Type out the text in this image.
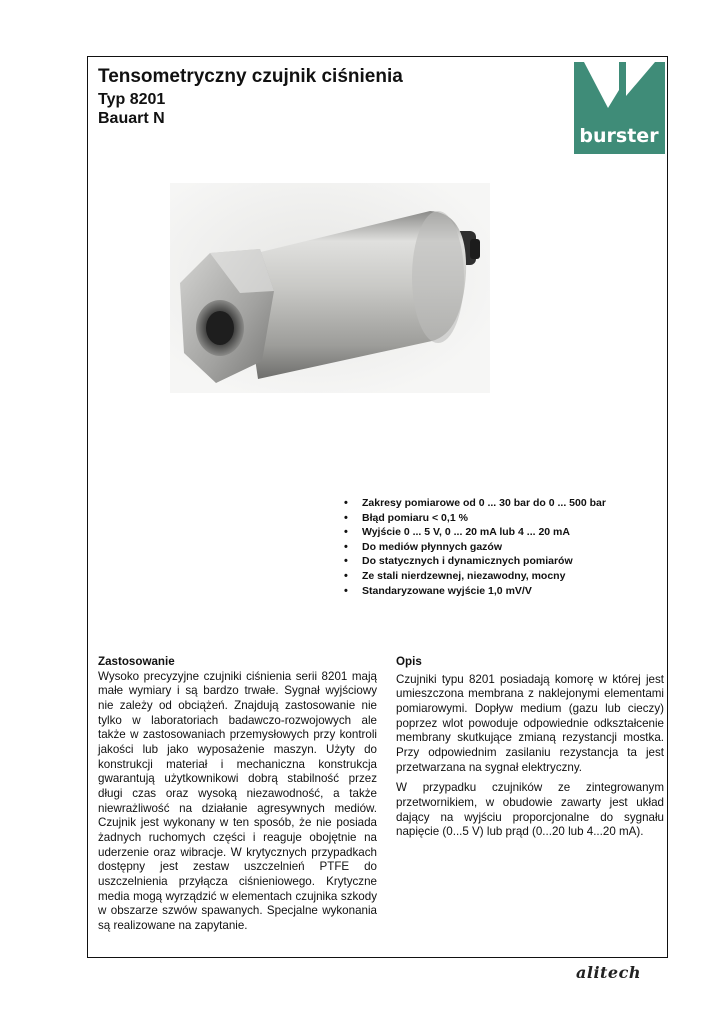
Tensometryczny czujnik ciśnienia
Typ 8201
Bauart N
burster
• Zakresy pomiarowe od 0 ... 30 bar do 0 ... 500 bar
• Błąd pomiaru < 0,1 %
• Wyjście 0 ... 5 V, 0 ... 20 mA lub 4 ... 20 mA
• Do mediów płynnych gazów
• Do statycznych i dynamicznych pomiarów
• Ze stali nierdzewnej, niezawodny, mocny
• Standaryzowane wyjście 1,0 mV/V
Zastosowanie

Wysoko precyzyjne czujniki ciśnienia serii 8201 mają małe wymiary i są bardzo trwałe. Sygnał wyjściowy nie zależy od obciążeń. Znajdują zastosowanie nie tylko w laboratoriach badawczo-rozwojowych ale także w zastosowaniach przemysłowych przy kontroli jakości lub jako wyposażenie maszyn. Użyty do konstrukcji materiał i mechaniczna konstrukcja gwarantują użytkownikowi dobrą stabilność przez długi czas oraz wysoką niezawodność, a także niewrażliwość na działanie agresywnych mediów. Czujnik jest wykonany w ten sposób, że nie posiada żadnych ruchomych części i reaguje obojętnie na uderzenie oraz wibracje. W krytycznych przypadkach dostępny jest zestaw uszczelnień PTFE do uszczelnienia przyłącza ciśnieniowego. Krytyczne media mogą wyrządzić w elementach czujnika szkody w obszarze szwów spawanych. Specjalne wykonania są realizowane na zapytanie.

Opis

Czujniki typu 8201 posiadają komorę w której jest umieszczona membrana z naklejonymi elementami pomiarowymi. Dopływ medium (gazu lub cieczy) poprzez wlot powoduje odpowiednie odkształcenie membrany skutkujące zmianą rezystancji mostka. Przy odpowiednim zasilaniu rezystancja ta jest przetwarzana na sygnał elektryczny.

W przypadku czujników ze zintegrowanym przetwornikiem, w obudowie zawarty jest układ dający na wyjściu proporcjonalne do sygnału napięcie (0...5 V) lub prąd (0...20 lub 4...20 mA).

alitech
